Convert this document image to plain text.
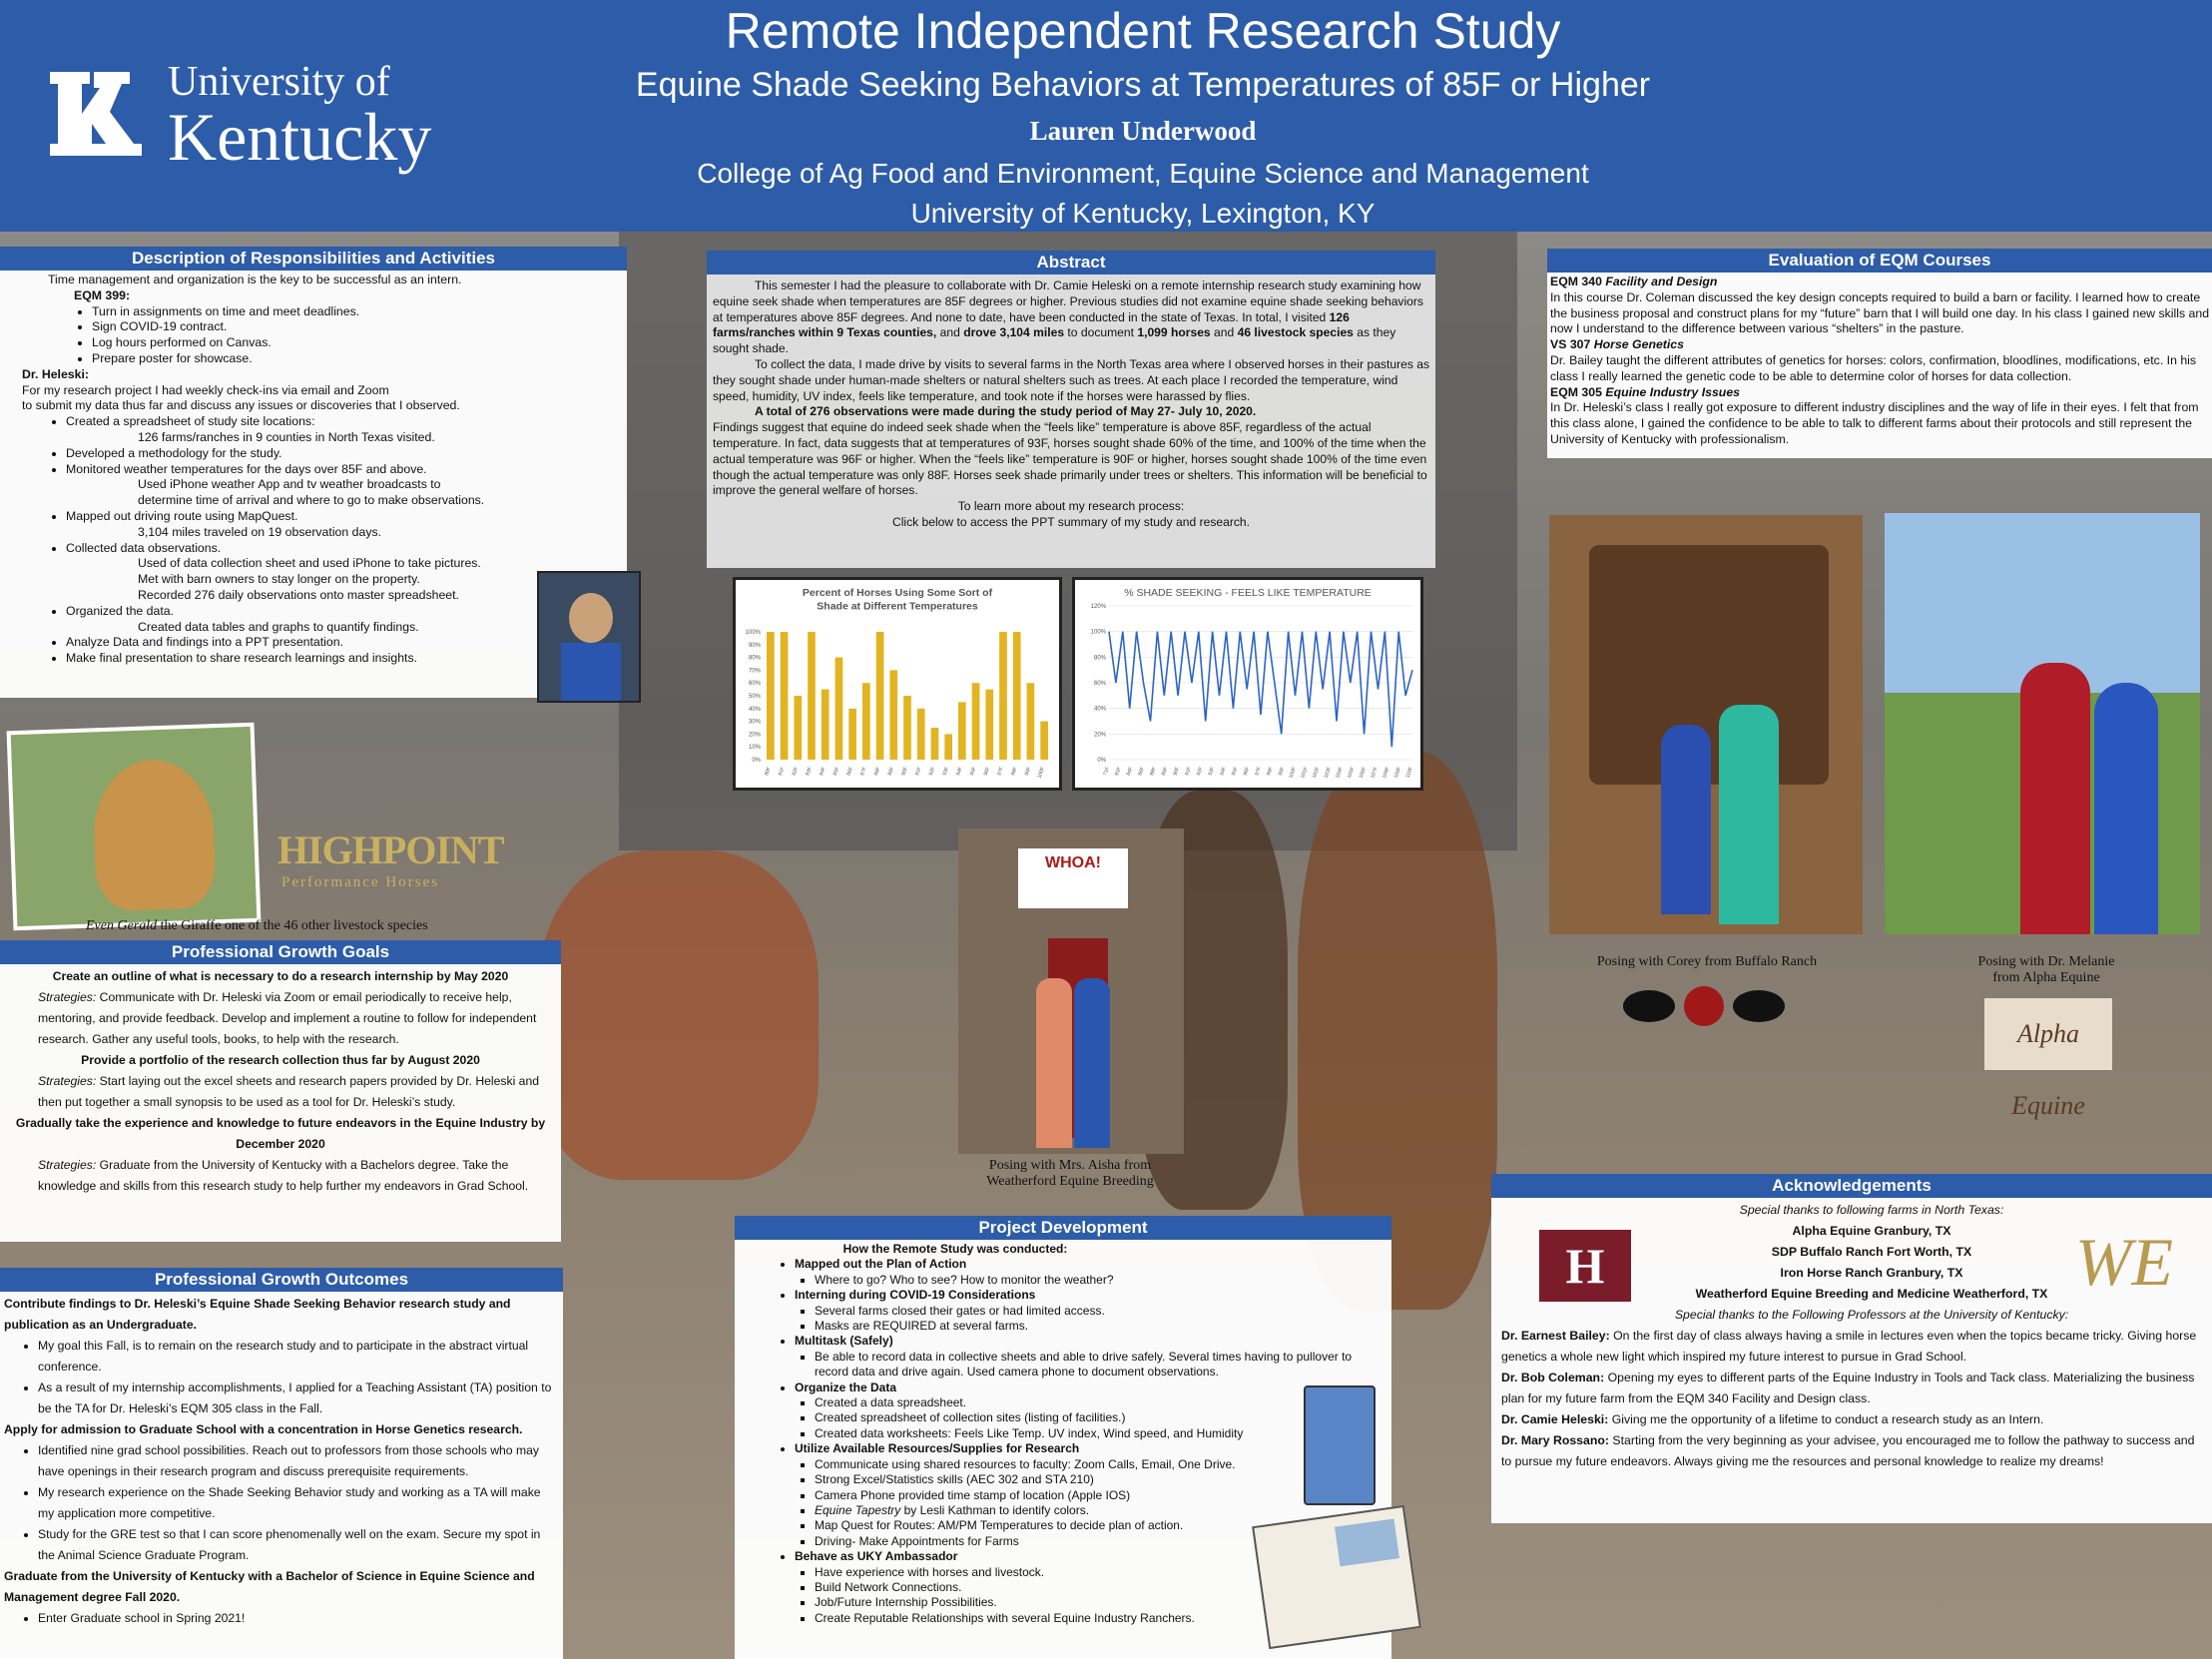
University of
Kentucky
Remote Independent Research Study
Equine Shade Seeking Behaviors at Temperatures of 85F or Higher
Lauren Underwood
College of Ag Food and Environment, Equine Science and Management
University of Kentucky, Lexington, KY
Description of Responsibilities and Activities
Time management and organization is the key to be successful as an intern.
EQM 399:
• Turn in assignments on time and meet deadlines.
• Sign COVID-19 contract.
• Log hours performed on Canvas.
• Prepare poster for showcase.
Dr. Heleski:
For my research project I had weekly check-ins via email and Zoom
to submit my data thus far and discuss any issues or discoveries that I observed.
• Created a spreadsheet of study site locations:
126 farms/ranches in 9 counties in North Texas visited.
• Developed a methodology for the study.
• Monitored weather temperatures for the days over 85F and above.
Used iPhone weather App and tv weather broadcasts to
determine time of arrival and where to go to make observations.
• Mapped out driving route using MapQuest.
3,104 miles traveled on 19 observation days.
• Collected data observations.
Used of data collection sheet and used iPhone to take pictures.
Met with barn owners to stay longer on the property.
Recorded 276 daily observations onto master spreadsheet.
• Organized the data.
Created data tables and graphs to quantify findings.
• Analyze Data and findings into a PPT presentation.
• Make final presentation to share research learnings and insights.
HIGHPOINT
Performance Horses
Even Gerald the Giraffe one of the 46 other livestock species
Professional Growth Goals
Create an outline of what is necessary to do a research internship by May 2020
Strategies: Communicate with Dr. Heleski via Zoom or email periodically to receive help, mentoring, and provide feedback. Develop and implement a routine to follow for independent research. Gather any useful tools, books, to help with the research.
Provide a portfolio of the research collection thus far by August 2020
Strategies: Start laying out the excel sheets and research papers provided by Dr. Heleski and then put together a small synopsis to be used as a tool for Dr. Heleski’s study.
Gradually take the experience and knowledge to future endeavors in the Equine Industry by December 2020
Strategies: Graduate from the University of Kentucky with a Bachelors degree. Take the knowledge and skills from this research study to help further my endeavors in Grad School.
Professional Growth Outcomes
Contribute findings to Dr. Heleski’s Equine Shade Seeking Behavior research study and publication as an Undergraduate.
• My goal this Fall, is to remain on the research study and to participate in the abstract virtual conference.
• As a result of my internship accomplishments, I applied for a Teaching Assistant (TA) position to be the TA for Dr. Heleski’s EQM 305 class in the Fall.
Apply for admission to Graduate School with a concentration in Horse Genetics research.
• Identified nine grad school possibilities. Reach out to professors from those schools who may have openings in their research program and discuss prerequisite requirements.
• My research experience on the Shade Seeking Behavior study and working as a TA will make my application more competitive.
• Study for the GRE test so that I can score phenomenally well on the exam. Secure my spot in the Animal Science Graduate Program.
Graduate from the University of Kentucky with a Bachelor of Science in Equine Science and Management degree Fall 2020.
• Enter Graduate school in Spring 2021!
Abstract
This semester I had the pleasure to collaborate with Dr. Camie Heleski on a remote internship research study examining how equine seek shade when temperatures are 85F degrees or higher. Previous studies did not examine equine shade seeking behaviors at temperatures above 85F degrees. And none to date, have been conducted in the state of Texas. In total, I visited 126 farms/ranches within 9 Texas counties, and drove 3,104 miles to document 1,099 horses and 46 livestock species as they sought shade.
To collect the data, I made drive by visits to several farms in the North Texas area where I observed horses in their pastures as they sought shade under human-made shelters or natural shelters such as trees. At each place I recorded the temperature, wind speed, humidity, UV index, feels like temperature, and took note if the horses were harassed by flies.
A total of 276 observations were made during the study period of May 27- July 10, 2020.
Findings suggest that equine do indeed seek shade when the “feels like” temperature is above 85F, regardless of the actual temperature. In fact, data suggests that at temperatures of 93F, horses sought shade 60% of the time, and 100% of the time when the actual temperature was 96F or higher. When the “feels like” temperature is 90F or higher, horses sought shade 100% of the time even though the actual temperature was only 88F. Horses seek shade primarily under trees or shelters. This information will be beneficial to improve the general welfare of horses.
To learn more about my research process:
Click below to access the PPT summary of my study and research.
Percent of Horses Using Some Sort of
Shade at Different Temperatures
100%
90%
80%
70%
60%
50%
40%
30%
20%
10%
0%
80F 81F 82F 83F 84F 85F 86F 87F 88F 89F 90F 91F 92F 93F 94F 95F 96F 97F 98F 99F 100F
% SHADE SEEKING - FEELS LIKE TEMPERATURE
120%
100%
80%
60%
40%
20%
0%
71F 81F 84F 86F 88F 89F 90F 91F 92F 93F 94F 95F 96F 97F 98F 99F 100F 101F 102F 103F 104F 105F 106F 107F 108F 109F 110F
Evaluation of EQM Courses
EQM 340 Facility and Design
In this course Dr. Coleman discussed the key design concepts required to build a barn or facility. I learned how to create the business proposal and construct plans for my “future” barn that I will build one day. In his class I gained new skills and now I understand to the difference between various “shelters” in the pasture.
VS 307 Horse Genetics
Dr. Bailey taught the different attributes of genetics for horses: colors, confirmation, bloodlines, modifications, etc. In his class I really learned the genetic code to be able to determine color of horses for data collection.
EQM 305 Equine Industry Issues
In Dr. Heleski’s class I really got exposure to different industry disciplines and the way of life in their eyes. I felt that from this class alone, I gained the confidence to be able to talk to different farms about their protocols and still represent the University of Kentucky with professionalism.
Posing with Corey from Buffalo Ranch	Posing with Dr. Melanie
from Alpha Equine
Alpha Equine
WHOA!
Posing with Mrs. Aisha from
Weatherford Equine Breeding
Project Development
How the Remote Study was conducted:
• Mapped out the Plan of Action
▪ Where to go? Who to see? How to monitor the weather?
• Interning during COVID-19 Considerations
▪ Several farms closed their gates or had limited access.
▪ Masks are REQUIRED at several farms.
• Multitask (Safely)
▪ Be able to record data in collective sheets and able to drive safely. Several times having to pullover to record data and drive again. Used camera phone to document observations.
• Organize the Data
▪ Created a data spreadsheet.
▪ Created spreadsheet of collection sites (listing of facilities.)
▪ Created data worksheets: Feels Like Temp. UV index, Wind speed, and Humidity
• Utilize Available Resources/Supplies for Research
▪ Communicate using shared resources to faculty: Zoom Calls, Email, One Drive.
▪ Strong Excel/Statistics skills (AEC 302 and STA 210)
▪ Camera Phone provided time stamp of location (Apple IOS)
▪ Equine Tapestry by Lesli Kathman to identify colors.
▪ Map Quest for Routes: AM/PM Temperatures to decide plan of action.
▪ Driving- Make Appointments for Farms
• Behave as UKY Ambassador
▪ Have experience with horses and livestock.
▪ Build Network Connections.
▪ Job/Future Internship Possibilities.
▪ Create Reputable Relationships with several Equine Industry Ranchers.
Acknowledgements
Special thanks to following farms in North Texas:
Alpha Equine Granbury, TX
SDP Buffalo Ranch Fort Worth, TX
Iron Horse Ranch Granbury, TX
Weatherford Equine Breeding and Medicine Weatherford, TX
Special thanks to the Following Professors at the University of Kentucky:
Dr. Earnest Bailey: On the first day of class always having a smile in lectures even when the topics became tricky. Giving horse genetics a whole new light which inspired my future interest to pursue in Grad School.
Dr. Bob Coleman: Opening my eyes to different parts of the Equine Industry in Tools and Tack class. Materializing the business plan for my future farm from the EQM 340 Facility and Design class.
Dr. Camie Heleski: Giving me the opportunity of a lifetime to conduct a research study as an Intern.
Dr. Mary Rossano: Starting from the very beginning as your advisee, you encouraged me to follow the pathway to success and to pursue my future endeavors. Always giving me the resources and personal knowledge to realize my dreams!
H	WE
